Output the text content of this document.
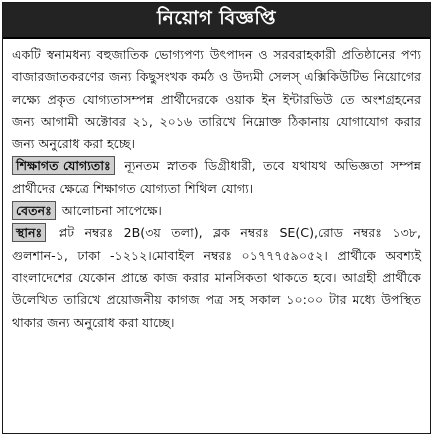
নিয়োগ বিজ্ঞপ্তি

একটি স্বনামধন্য বহুজাতিক ভোগ্যপণ্য উৎপাদন ও সরবরাহকারী প্রতিষ্ঠানের পণ্য বাজারজাতকরণের জন্য কিছুসংখক কর্মঠ ও উদ্যমী সেলস্‌ এক্সিকিউটিভ নিয়োগের লক্ষ্যে প্রকৃত যোগ্যতাসম্পন্ন প্রার্থীদেরকে ওয়াক ইন ইন্টারভিউ তে অংশগ্রহনের জন্য আগামী অক্টোবর ২১, ২০১৬ তারিখে নিম্নোক্ত ঠিকানায় যোগাযোগ করার জন্য অনুরোধ করা হচ্ছে।

শিক্ষাগত যোগ্যতাঃ ন্যূনতম স্নাতক ডিগ্রীধারী, তবে যথাযথ অভিজ্ঞতা সম্পন্ন প্রার্থীদের ক্ষেত্রে শিক্ষাগত যোগ্যতা শিথিল যোগ্য।

বেতনঃ আলোচনা সাপেক্ষে।

স্থানঃ প্লট নম্বরঃ 2B(৩য় তলা), ব্লক নম্বরঃ SE(C),রোড নম্বরঃ ১৩৮, গুলশান-১, ঢাকা -১২১২।মোবাইল নম্বরঃ ০১৭৭৭৫৯০৫২। প্রার্থীকে অবশ্যই বাংলাদেশের যেকোন প্রান্তে কাজ করার মানসিকতা থাকতে হবে। আগ্রহী প্রার্থীকে উলেখিত তারিখে প্রয়োজনীয় কাগজ পত্র সহ সকাল ১০:০০ টার মধ্যে উপস্থিত থাকার জন্য অনুরোধ করা যাচ্ছে।
